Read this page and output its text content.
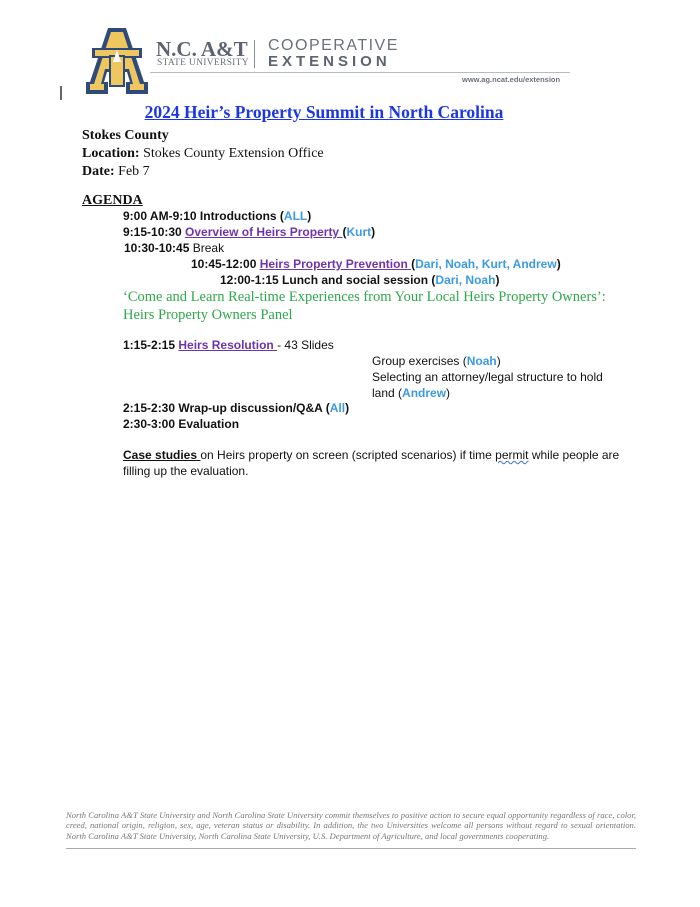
N.C. A&T
STATE UNIVERSITY
COOPERATIVE
EXTENSION
www.ag.ncat.edu/extension
2024 Heir’s Property Summit in North Carolina
Stokes County
Location: Stokes County Extension Office
Date: Feb 7
AGENDA
9:00 AM-9:10 Introductions (ALL)
9:15-10:30 Overview of Heirs Property (Kurt)
10:30-10:45 Break
10:45-12:00 Heirs Property Prevention (Dari, Noah, Kurt, Andrew)
12:00-1:15 Lunch and social session (Dari, Noah)
‘Come and Learn Real-time Experiences from Your Local Heirs Property Owners’: Heirs Property Owners Panel
1:15-2:15 Heirs Resolution - 43 Slides
Group exercises (Noah)
Selecting an attorney/legal structure to hold land (Andrew)
2:15-2:30 Wrap-up discussion/Q&A (All)
2:30-3:00 Evaluation
Case studies on Heirs property on screen (scripted scenarios) if time permit while people are filling up the evaluation.
North Carolina A&T State University and North Carolina State University commit themselves to positive action to secure equal opportunity regardless of race, color, creed, national origin, religion, sex, age, veteran status or disability. In addition, the two Universities welcome all persons without regard to sexual orientation. North Carolina A&T State University, North Carolina State University, U.S. Department of Agriculture, and local governments cooperating.
